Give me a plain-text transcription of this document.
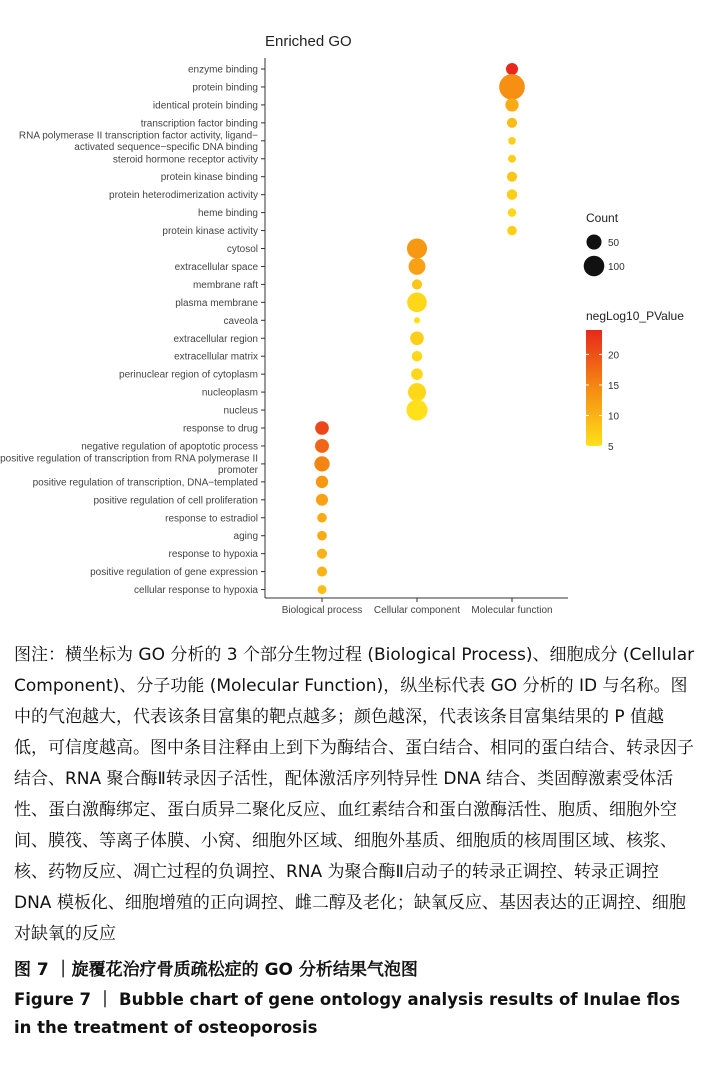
Enriched GO
enzyme binding
protein binding
identical protein binding
transcription factor binding
RNA polymerase II transcription factor activity, ligand− activated sequence−specific DNA binding
steroid hormone receptor activity
protein kinase binding
protein heterodimerization activity
heme binding
protein kinase activity
cytosol
extracellular space
membrane raft
plasma membrane
caveola
extracellular region
extracellular matrix
perinuclear region of cytoplasm
nucleoplasm
nucleus
response to drug
negative regulation of apoptotic process
positive regulation of transcription from RNA polymerase II promoter
positive regulation of transcription, DNA−templated
positive regulation of cell proliferation
response to estradiol
aging
response to hypoxia
positive regulation of gene expression
cellular response to hypoxia
Biological process Cellular component Molecular function
Count
50
100
negLog10_PValue
20
15
10
5

图注：横坐标为 GO 分析的 3 个部分生物过程 (Biological Process)、细胞成分 (Cellular Component)、分子功能 (Molecular Function)，纵坐标代表 GO 分析的 ID 与名称。图中的气泡越大，代表该条目富集的靶点越多；颜色越深，代表该条目富集结果的 P 值越低，可信度越高。图中条目注释由上到下为酶结合、蛋白结合、相同的蛋白结合、转录因子结合、RNA 聚合酶Ⅱ转录因子活性，配体激活序列特异性 DNA 结合、类固醇激素受体活性、蛋白激酶绑定、蛋白质异二聚化反应、血红素结合和蛋白激酶活性、胞质、细胞外空间、膜筏、等离子体膜、小窝、细胞外区域、细胞外基质、细胞质的核周围区域、核浆、核、药物反应、凋亡过程的负调控、RNA 为聚合酶Ⅱ启动子的转录正调控、转录正调控 DNA 模板化、细胞增殖的正向调控、雌二醇及老化；缺氧反应、基因表达的正调控、细胞对缺氧的反应

图 7 ｜旋覆花治疗骨质疏松症的 GO 分析结果气泡图

Figure 7 ｜ Bubble chart of gene ontology analysis results of Inulae flos in the treatment of osteoporosis
